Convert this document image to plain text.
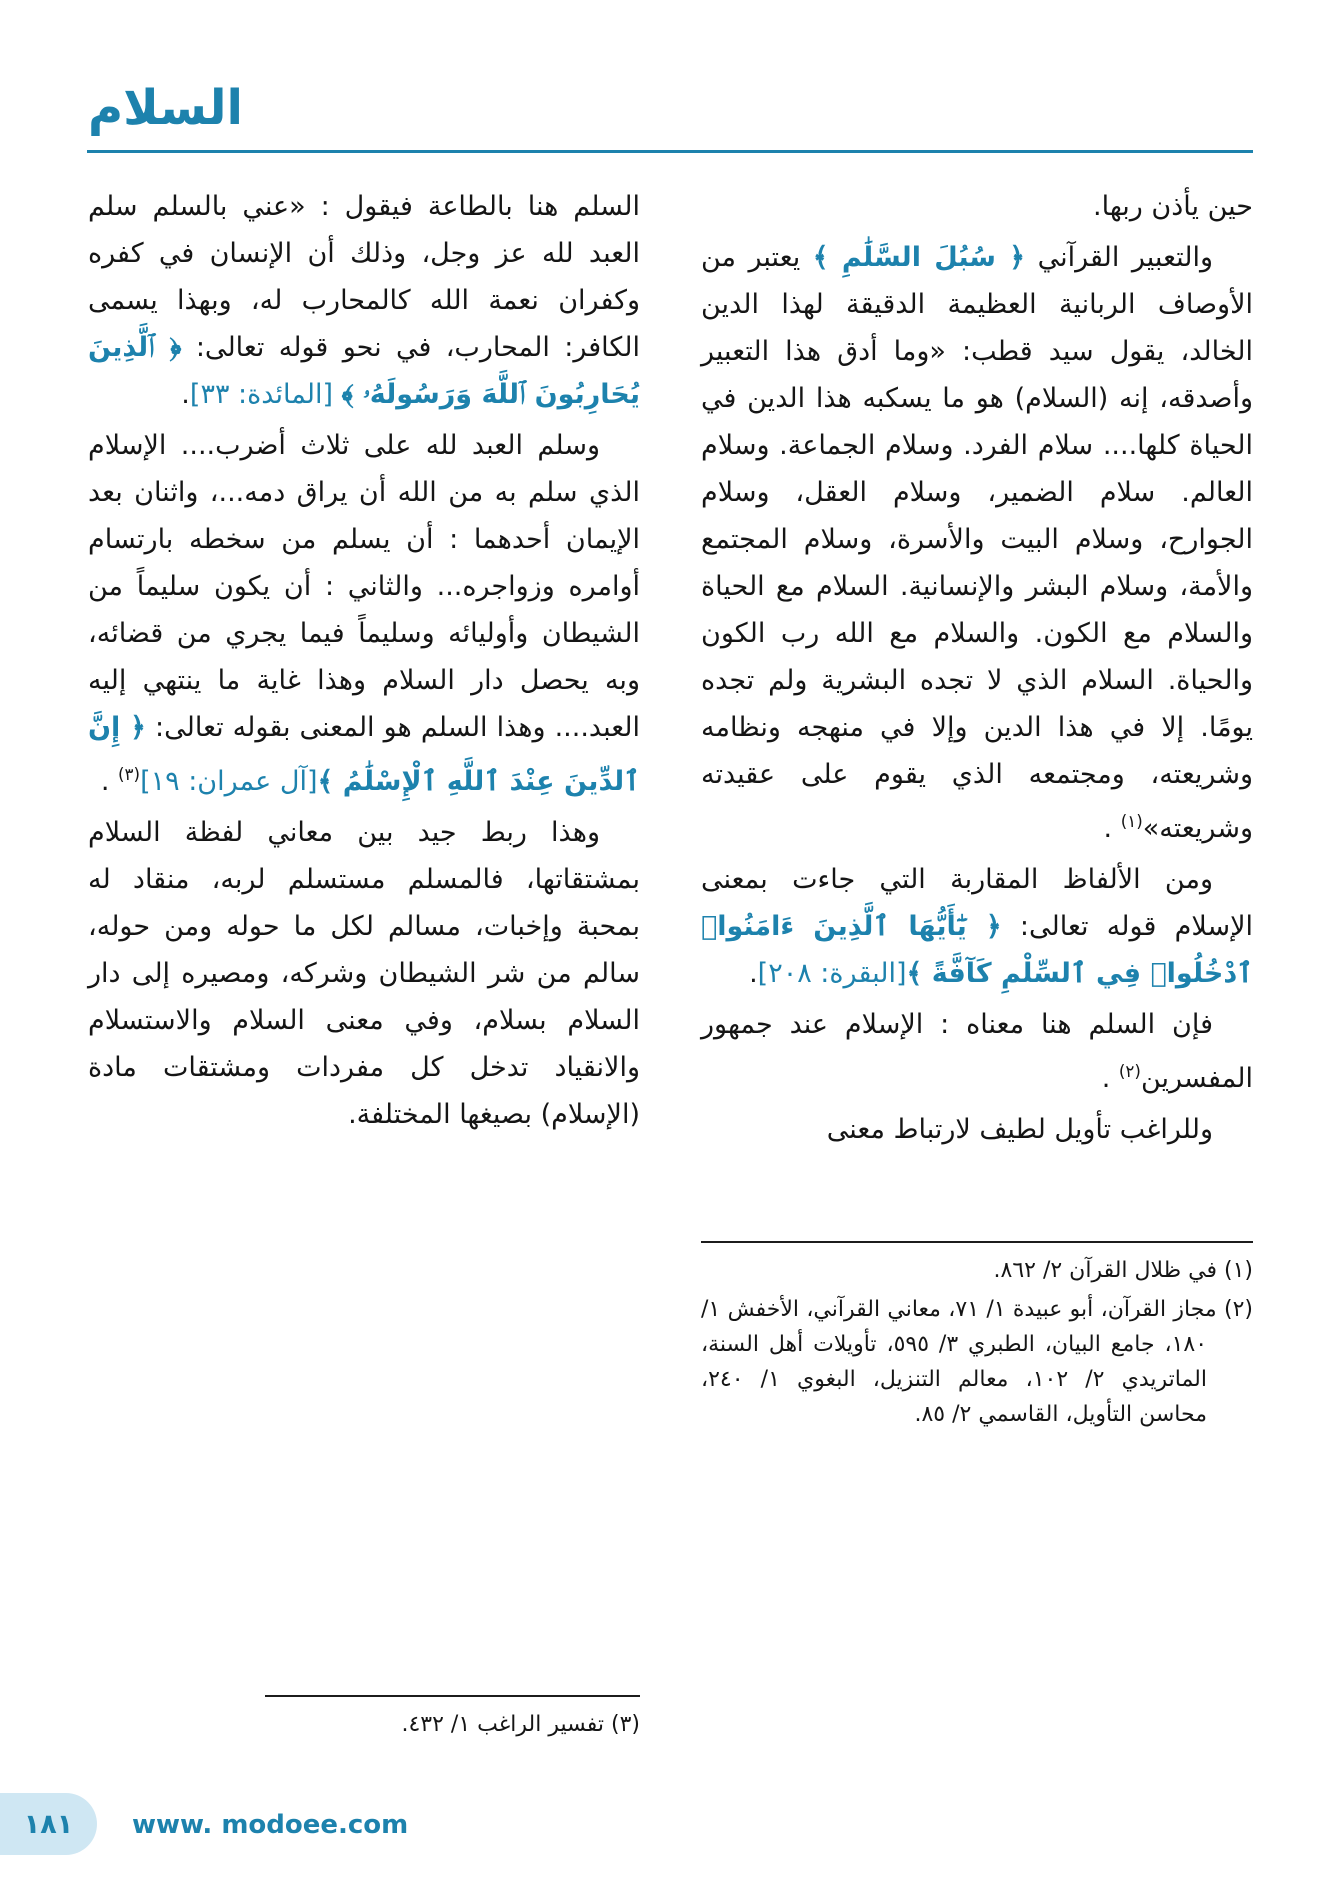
السلام

حين يأذن ربها.

والتعبير القرآني ﴿ سُبُلَ السَّلَٰمِ ﴾ يعتبر من الأوصاف الربانية العظيمة الدقيقة لهذا الدين الخالد، يقول سيد قطب: «وما أدق هذا التعبير وأصدقه، إنه (السلام) هو ما يسكبه هذا الدين في الحياة كلها.... سلام الفرد. وسلام الجماعة. وسلام العالم. سلام الضمير، وسلام العقل، وسلام الجوارح، وسلام البيت والأسرة، وسلام المجتمع والأمة، وسلام البشر والإنسانية. السلام مع الحياة والسلام مع الكون. والسلام مع الله رب الكون والحياة. السلام الذي لا تجده البشرية ولم تجده يومًا. إلا في هذا الدين وإلا في منهجه ونظامه وشريعته، ومجتمعه الذي يقوم على عقيدته وشريعته»$^{(١)}$ .

ومن الألفاظ المقاربة التي جاءت بمعنى الإسلام قوله تعالى: ﴿ يَٰٓأَيُّهَا ٱلَّذِينَ ءَامَنُوا۟ ٱدْخُلُوا۟ فِي ٱلسِّلْمِ كَآفَّةً ﴾[البقرة: ٢٠٨].

فإن السلم هنا معناه : الإسلام عند جمهور المفسرين$^{(٢)}$ .

وللراغب تأويل لطيف لارتباط معنى

(١) في ظلال القرآن ٢/ ٨٦٢.

(٢) مجاز القرآن، أبو عبيدة ١/ ٧١، معاني القرآني، الأخفش ١/ ١٨٠، جامع البيان، الطبري ٣/ ٥٩٥، تأويلات أهل السنة، الماتريدي ٢/ ١٠٢، معالم التنزيل، البغوي ١/ ٢٤٠، محاسن التأويل، القاسمي ٢/ ٨٥.

السلم هنا بالطاعة فيقول : «عني بالسلم سلم العبد لله عز وجل، وذلك أن الإنسان في كفره وكفران نعمة الله كالمحارب له، وبهذا يسمى الكافر: المحارب، في نحو قوله تعالى: ﴿ ٱلَّذِينَ يُحَارِبُونَ ٱللَّهَ وَرَسُولَهُۥ ﴾ [المائدة: ٣٣].

وسلم العبد لله على ثلاث أضرب.... الإسلام الذي سلم به من الله أن يراق دمه...، واثنان بعد الإيمان أحدهما : أن يسلم من سخطه بارتسام أوامره وزواجره... والثاني : أن يكون سليماً من الشيطان وأوليائه وسليماً فيما يجري من قضائه، وبه يحصل دار السلام وهذا غاية ما ينتهي إليه العبد.... وهذا السلم هو المعنى بقوله تعالى: ﴿ إِنَّ ٱلدِّينَ عِنْدَ ٱللَّهِ ٱلْإِسْلَٰمُ ﴾[آل عمران: ١٩]$^{(٣)}$ .

وهذا ربط جيد بين معاني لفظة السلام بمشتقاتها، فالمسلم مستسلم لربه، منقاد له بمحبة وإخبات، مسالم لكل ما حوله ومن حوله، سالم من شر الشيطان وشركه، ومصيره إلى دار السلام بسلام، وفي معنى السلام والاستسلام والانقياد تدخل كل مفردات ومشتقات مادة (الإسلام) بصيغها المختلفة.

(٣) تفسير الراغب ١/ ٤٣٢.

١٨١ www. modoee.com
